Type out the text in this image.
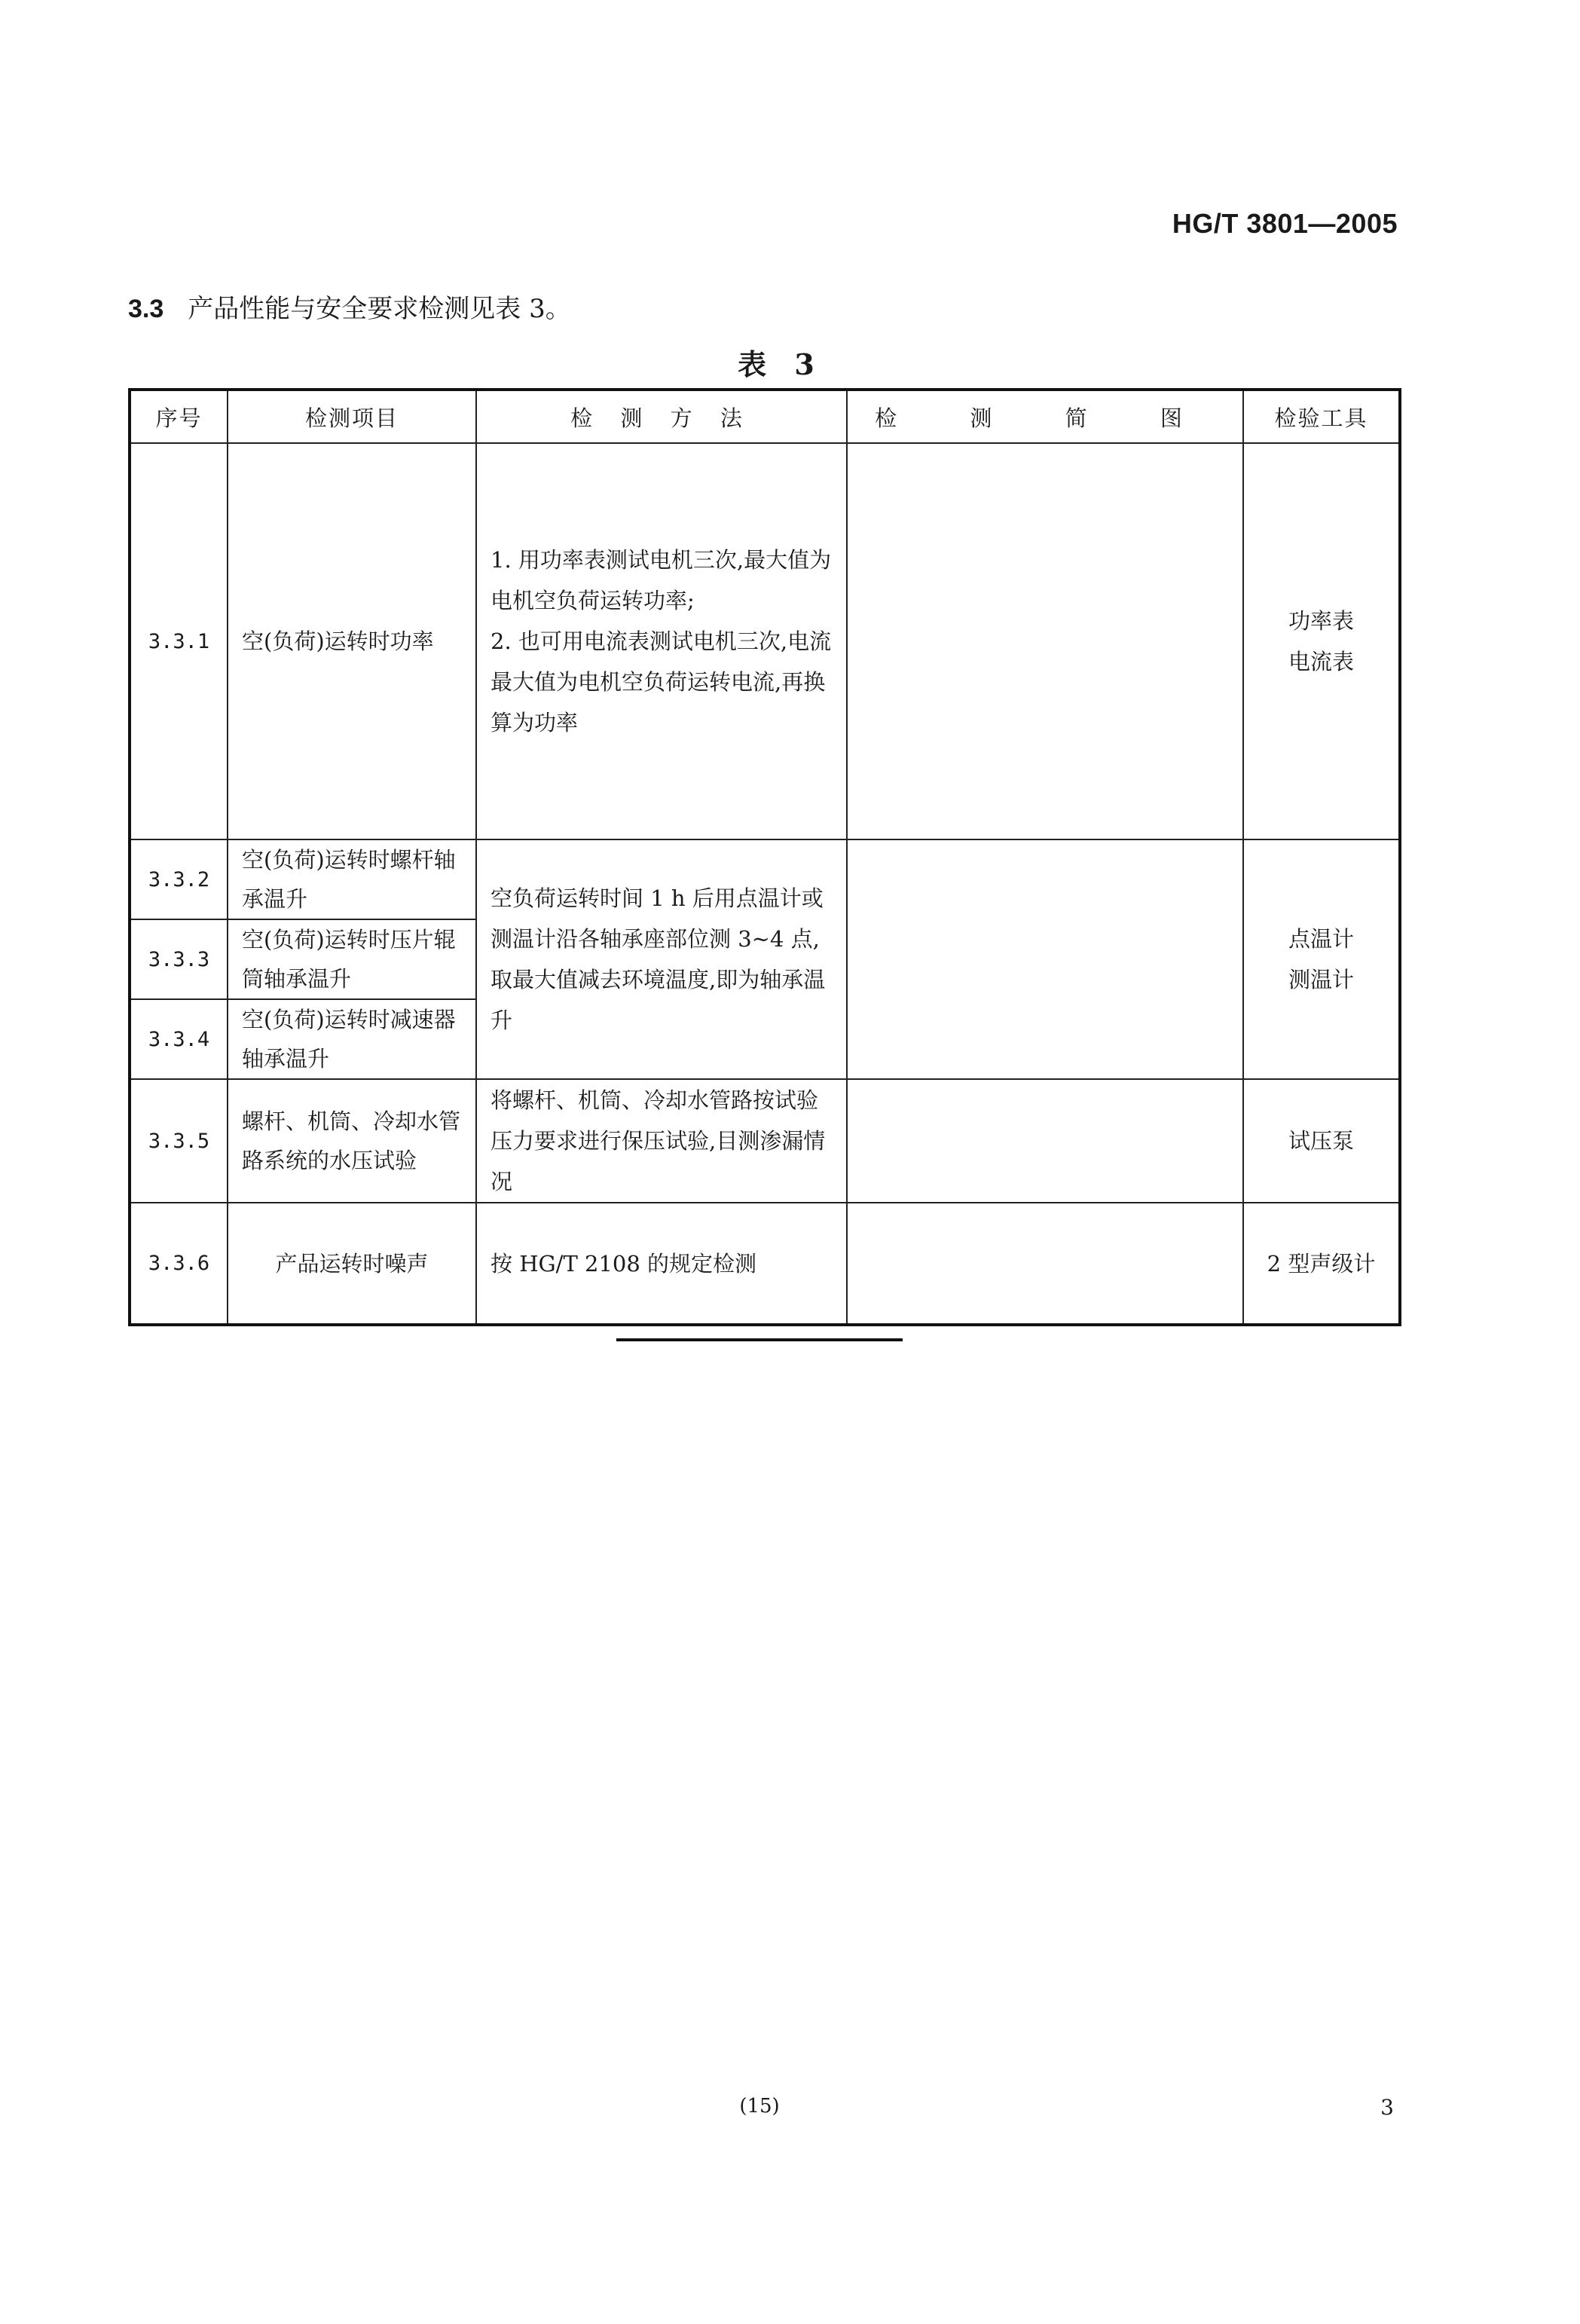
HG/T 3801—2005
3.3 产品性能与安全要求检测见表 3。
表 3
序号	检测项目	检 测 方 法	检 测 简 图	检验工具
3.3.1	空(负荷)运转时功率	1. 用功率表测试电机三次,最大值为电机空负荷运转功率;
2. 也可用电流表测试电机三次,电流最大值为电机空负荷运转电流,再换算为功率		功率表
电流表
3.3.2	空(负荷)运转时螺杆轴承温升	空负荷运转时间 1 h 后用点温计或测温计沿各轴承座部位测 3~4 点,取最大值减去环境温度,即为轴承温升		点温计
测温计
3.3.3	空(负荷)运转时压片辊筒轴承温升			
3.3.4	空(负荷)运转时减速器轴承温升			
3.3.5	螺杆、机筒、冷却水管路系统的水压试验	将螺杆、机筒、冷却水管路按试验压力要求进行保压试验,目测渗漏情况		试压泵
3.3.6	产品运转时噪声	按 HG/T 2108 的规定检测		2 型声级计
(15)	3
